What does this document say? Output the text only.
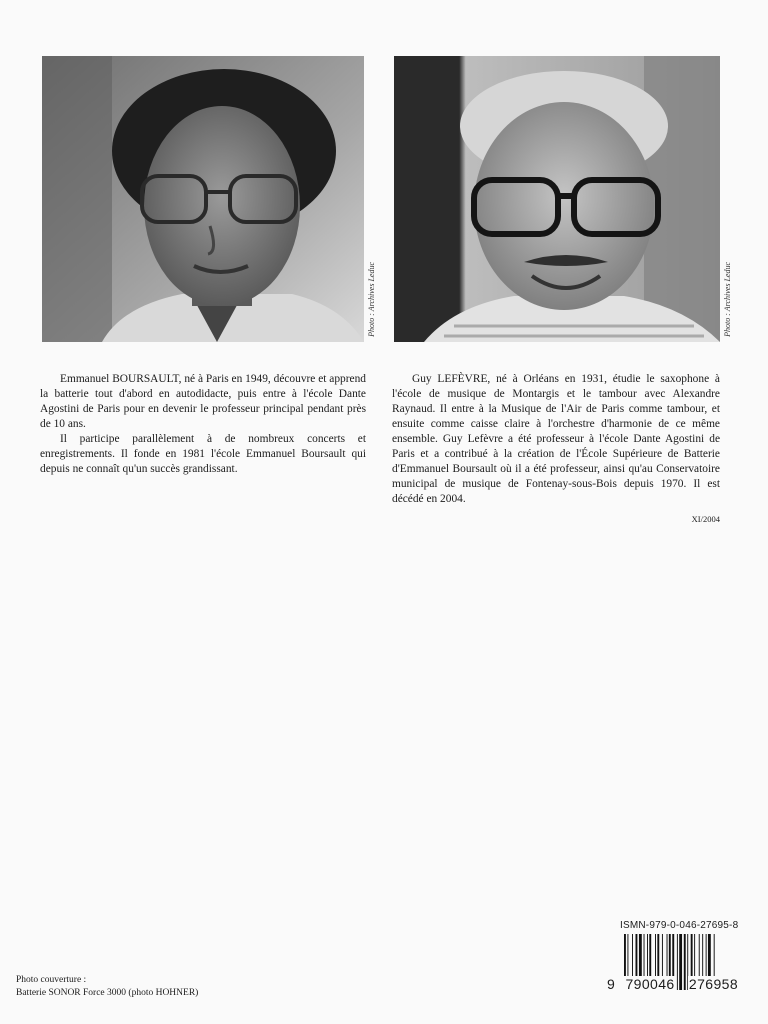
Photo : Archives Leduc	Photo : Archives Leduc

Emmanuel BOURSAULT, né à Paris en 1949, découvre et apprend la batterie tout d'abord en autodidacte, puis entre à l'école Dante Agostini de Paris pour en devenir le professeur principal pendant près de 10 ans.

Il participe parallèlement à de nombreux concerts et enregistrements. Il fonde en 1981 l'école Emmanuel Boursault qui depuis ne connaît qu'un succès grandissant.

Guy LEFÈVRE, né à Orléans en 1931, étudie le saxophone à l'école de musique de Montargis et le tambour avec Alexandre Raynaud. Il entre à la Musique de l'Air de Paris comme tambour, et ensuite comme caisse claire à l'orchestre d'harmonie de ce même ensemble. Guy Lefèvre a été professeur à l'école Dante Agostini de Paris et a contribué à la création de l'École Supérieure de Batterie d'Emmanuel Boursault où il a été professeur, ainsi qu'au Conservatoire municipal de musique de Fontenay-sous-Bois depuis 1970. Il est décédé en 2004.

XI/2004
Photo couverture :
Batterie SONOR Force 3000 (photo HOHNER)
ISMN-979-0-046-27695-8
9 790046 276958
